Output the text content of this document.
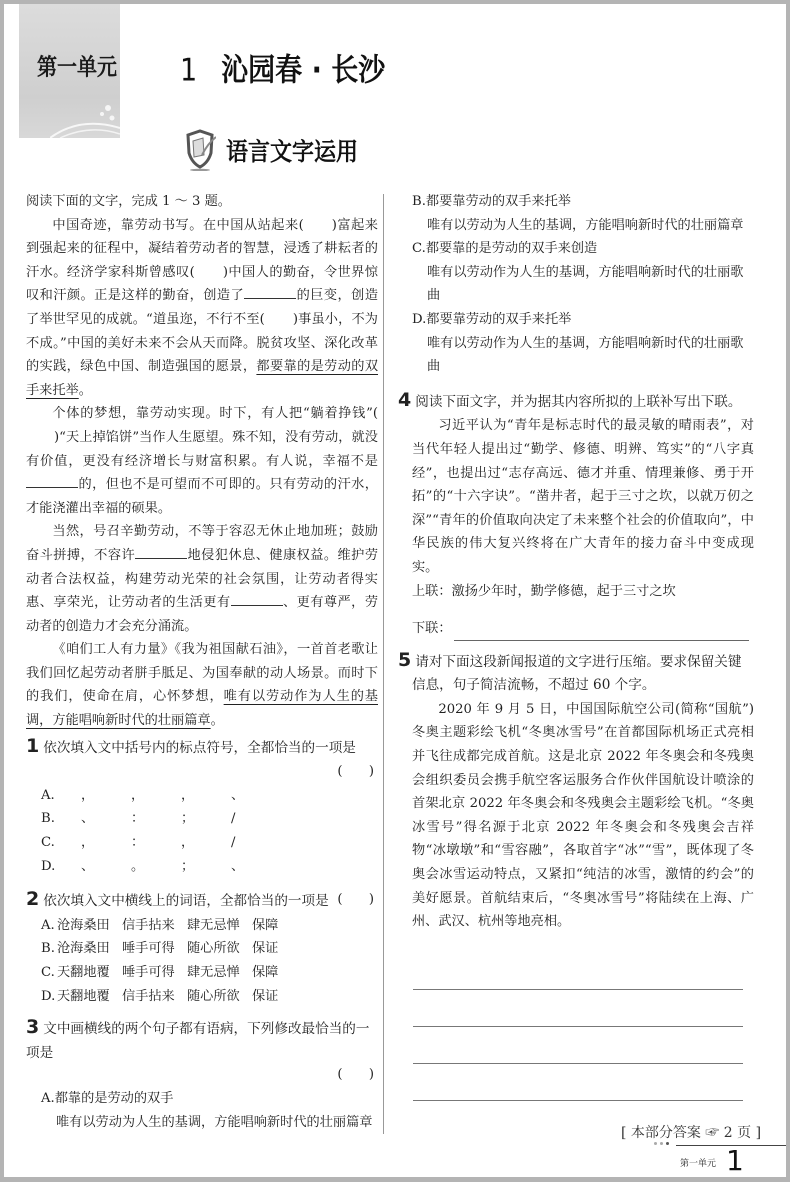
第一单元 1 沁园春 · 长沙
语言文字运用

阅读下面的文字，完成 1 ～ 3 题。

中国奇迹，靠劳动书写。在中国从站起来( )富起来到强起来的征程中，凝结着劳动者的智慧，浸透了耕耘者的汗水。经济学家科斯曾感叹( )中国人的勤奋，令世界惊叹和汗颜。正是这样的勤奋，创造了	的巨变，创造了举世罕见的成就。“道虽迩，不行不至( )事虽小，不为不成。”中国的美好未来不会从天而降。脱贫攻坚、深化改革的实践，绿色中国、制造强国的愿景，都要靠的是劳动的双手来托举。

个体的梦想，靠劳动实现。时下，有人把“躺着挣钱”()“天上掉馅饼”当作人生愿望。殊不知，没有劳动，就没有价值，更没有经济增长与财富积累。有人说，幸福不是的，但也不是可望而不可即的。只有劳动的汗水，才能浇灌出幸福的硕果。

当然，号召辛勤劳动，不等于容忍无休止地加班；鼓励奋斗拼搏，不容许	地侵犯休息、健康权益。维护劳动者合法权益，构建劳动光荣的社会氛围，让劳动者得实惠、享荣光，让劳动者的生活更有	、更有尊严，劳动者的创造力才会充分涌流。

《咱们工人有力量》《我为祖国献石油》，一首首老歌让我们回忆起劳动者胼手胝足、为国奉献的动人场景。而时下的我们，使命在肩，心怀梦想，唯有以劳动作为人生的基调，方能唱响新时代的壮丽篇章。

1 依次填入文中括号内的标点符号，全都恰当的一项是

(　　)

A.	，	，	，	、
B.	、	：	；	/
C.	，	：	，	/
D.	、	。	；	、

2 依次填入文中横线上的词语，全都恰当的一项是 (　　)

A. 沧海桑田 信手拈来 肆无忌惮 保障
B. 沧海桑田 唾手可得 随心所欲 保证
C. 天翻地覆 唾手可得 肆无忌惮 保障
D. 天翻地覆 信手拈来 随心所欲 保证

3 文中画横线的两个句子都有语病，下列修改最恰当的一项是

(　　)

A.都靠的是劳动的双手

唯有以劳动为人生的基调，方能唱响新时代的壮丽篇章

B.都要靠劳动的双手来托举

唯有以劳动为人生的基调，方能唱响新时代的壮丽篇章

C.都要靠的是劳动的双手来创造

唯有以劳动作为人生的基调，方能唱响新时代的壮丽歌曲

D.都要靠劳动的双手来托举

唯有以劳动作为人生的基调，方能唱响新时代的壮丽歌曲

4 阅读下面文字，并为据其内容所拟的上联补写出下联。

习近平认为“青年是标志时代的最灵敏的晴雨表”，对当代年轻人提出过“勤学、修德、明辨、笃实”的“八字真经”，也提出过“志存高远、德才并重、情理兼修、勇于开拓”的“十六字诀”。“凿井者，起于三寸之坎，以就万仞之深”“青年的价值取向决定了未来整个社会的价值取向”，中华民族的伟大复兴终将在广大青年的接力奋斗中变成现实。

上联：激扬少年时，勤学修德，起于三寸之坎

下联：

5 请对下面这段新闻报道的文字进行压缩。要求保留关键信息，句子简洁流畅，不超过 60 个字。

2020 年 9 月 5 日，中国国际航空公司(简称“国航”)冬奥主题彩绘飞机“冬奥冰雪号”在首都国际机场正式亮相并飞往成都完成首航。这是北京 2022 年冬奥会和冬残奥会组织委员会携手航空客运服务合作伙伴国航设计喷涂的首架北京 2022 年冬奥会和冬残奥会主题彩绘飞机。“冬奥冰雪号”得名源于北京 2022 年冬奥会和冬残奥会吉祥物“冰墩墩”和“雪容融”，各取首字“冰”“雪”，既体现了冬奥会冰雪运动特点，又紧扣“纯洁的冰雪，激情的约会”的美好愿景。首航结束后，“冬奥冰雪号”将陆续在上海、广州、武汉、杭州等地亮相。

[ 本部分答案 ☞ 2 页 ]
第一单元 1
